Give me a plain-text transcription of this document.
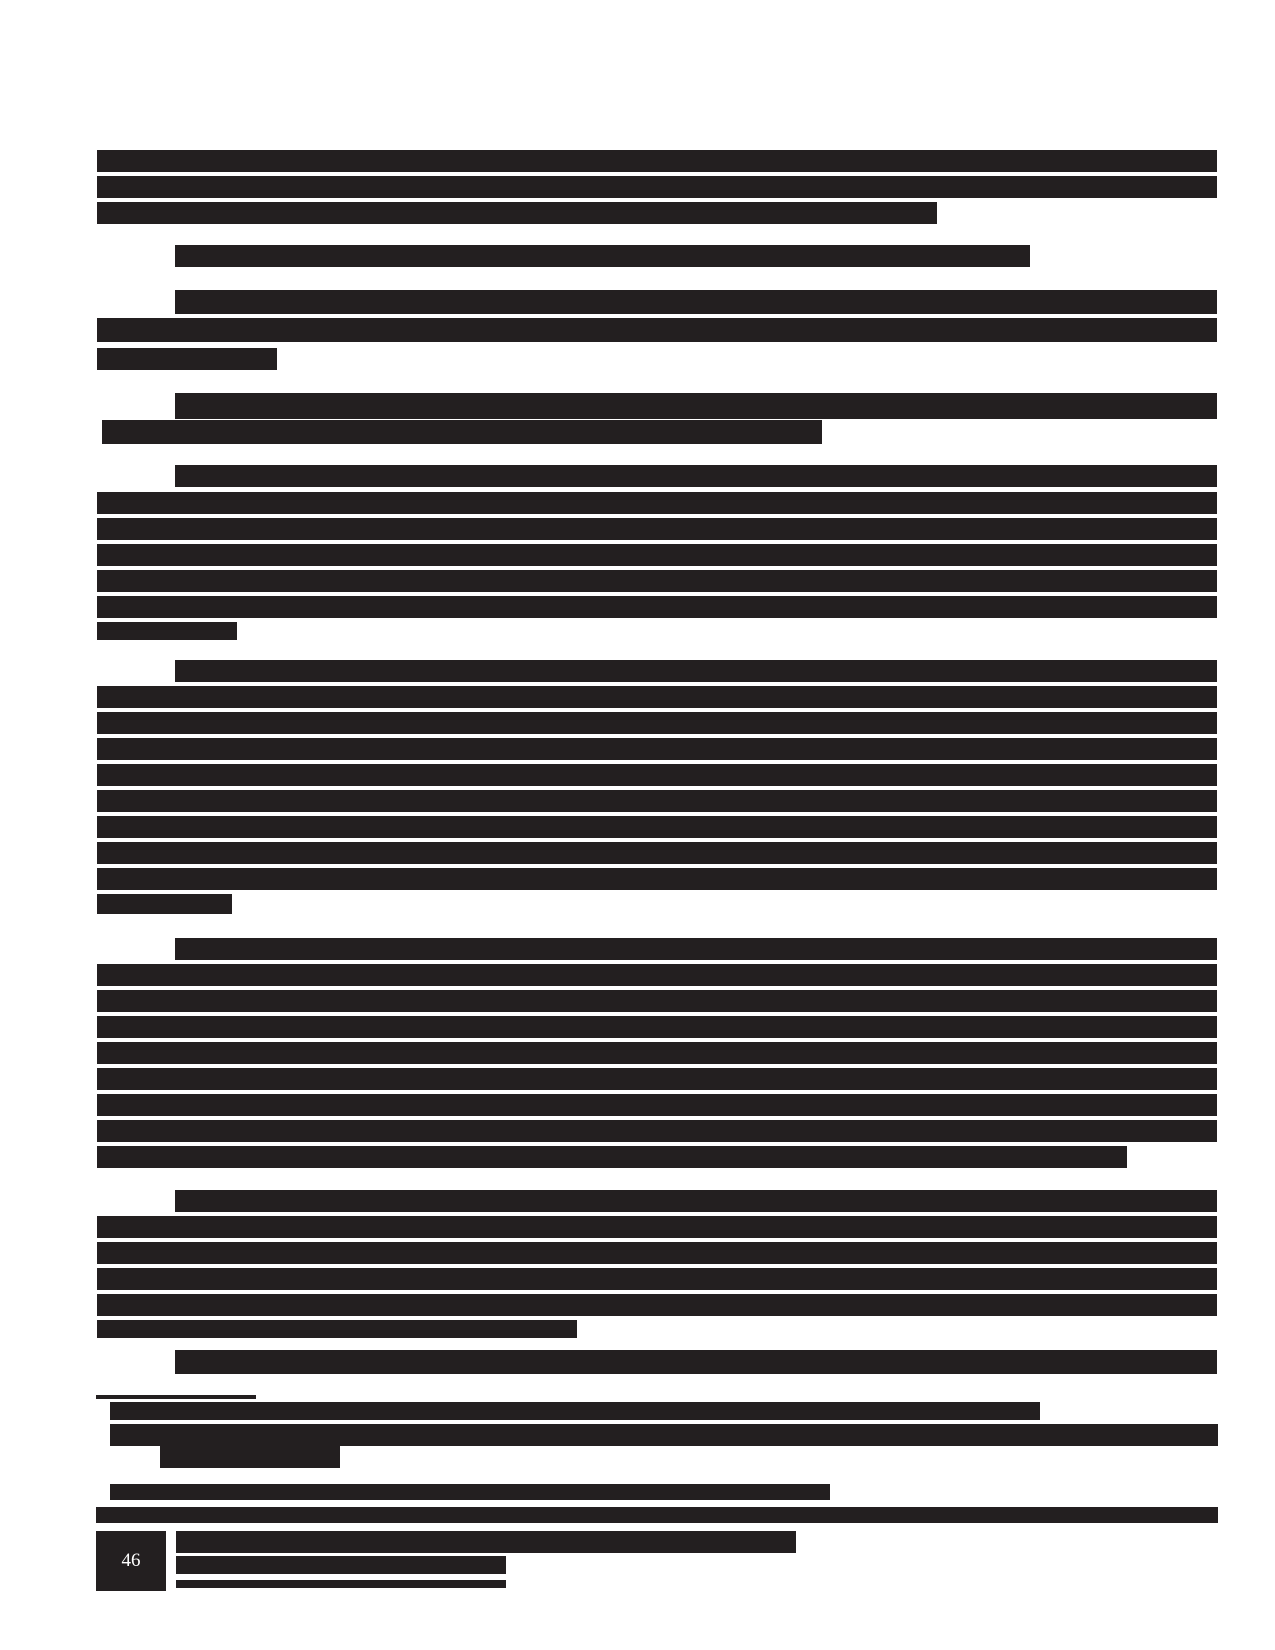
46
